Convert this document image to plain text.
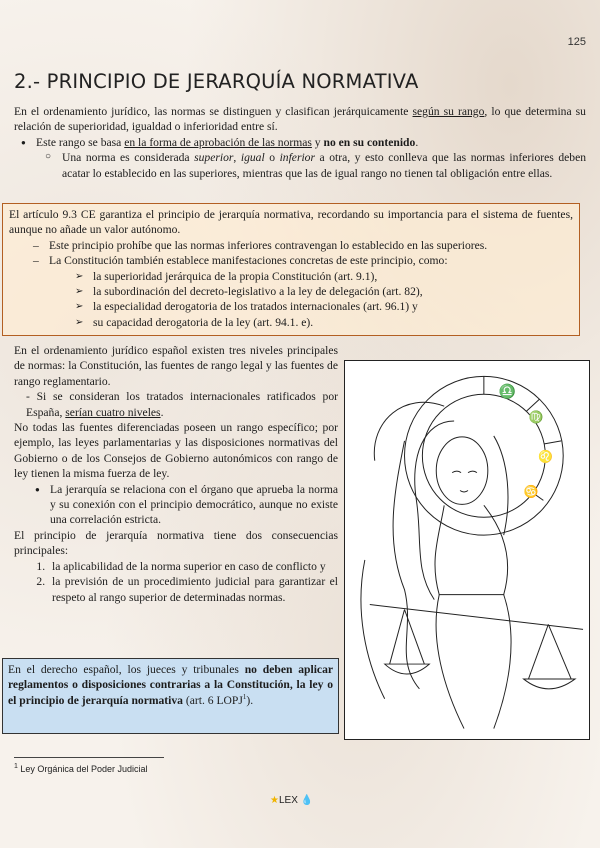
125
2.- PRINCIPIO DE JERARQUÍA NORMATIVA

En el ordenamiento jurídico, las normas se distinguen y clasifican jerárquicamente según su rango, lo que determina su relación de superioridad, igualdad o inferioridad entre sí.

● Este rango se basa en la forma de aprobación de las normas y no en su contenido.
○ Una norma es considerada superior, igual o inferior a otra, y esto conlleva que las normas inferiores deben acatar lo establecido en las superiores, mientras que las de igual rango no tienen tal obligación entre ellas.

El artículo 9.3 CE garantiza el principio de jerarquía normativa, recordando su importancia para el sistema de fuentes, aunque no añade un valor autónomo.

– Este principio prohíbe que las normas inferiores contravengan lo establecido en las superiores.
– La Constitución también establece manifestaciones concretas de este principio, como:
➢ la superioridad jerárquica de la propia Constitución (art. 9.1),
➢ la subordinación del decreto-legislativo a la ley de delegación (art. 82),
➢ la especialidad derogatoria de los tratados internacionales (art. 96.1) y
➢ su capacidad derogatoria de la ley (art. 94.1. e).

En el ordenamiento jurídico español existen tres niveles principales de normas: la Constitución, las fuentes de rango legal y las fuentes de rango reglamentario.

- Si se consideran los tratados internacionales ratificados por España, serían cuatro niveles.

No todas las fuentes diferenciadas poseen un rango específico; por ejemplo, las leyes parlamentarias y las disposiciones normativas del Gobierno o de los Consejos de Gobierno autonómicos con rango de ley tienen la misma fuerza de ley.

● La jerarquía se relaciona con el órgano que aprueba la norma y su conexión con el principio democrático, aunque no existe una correlación estricta.

El principio de jerarquía normativa tiene dos consecuencias principales:

1. la aplicabilidad de la norma superior en caso de conflicto y
2. la previsión de un procedimiento judicial para garantizar el respeto al rango superior de determinadas normas.

En el derecho español, los jueces y tribunales no deben aplicar reglamentos o disposiciones contrarias a la Constitución, la ley o el principio de jerarquía normativa (art. 6 LOPJ$^1$).

♎
♍
♌
♋
$^1$ Ley Orgánica del Poder Judicial
★LEX 💧
